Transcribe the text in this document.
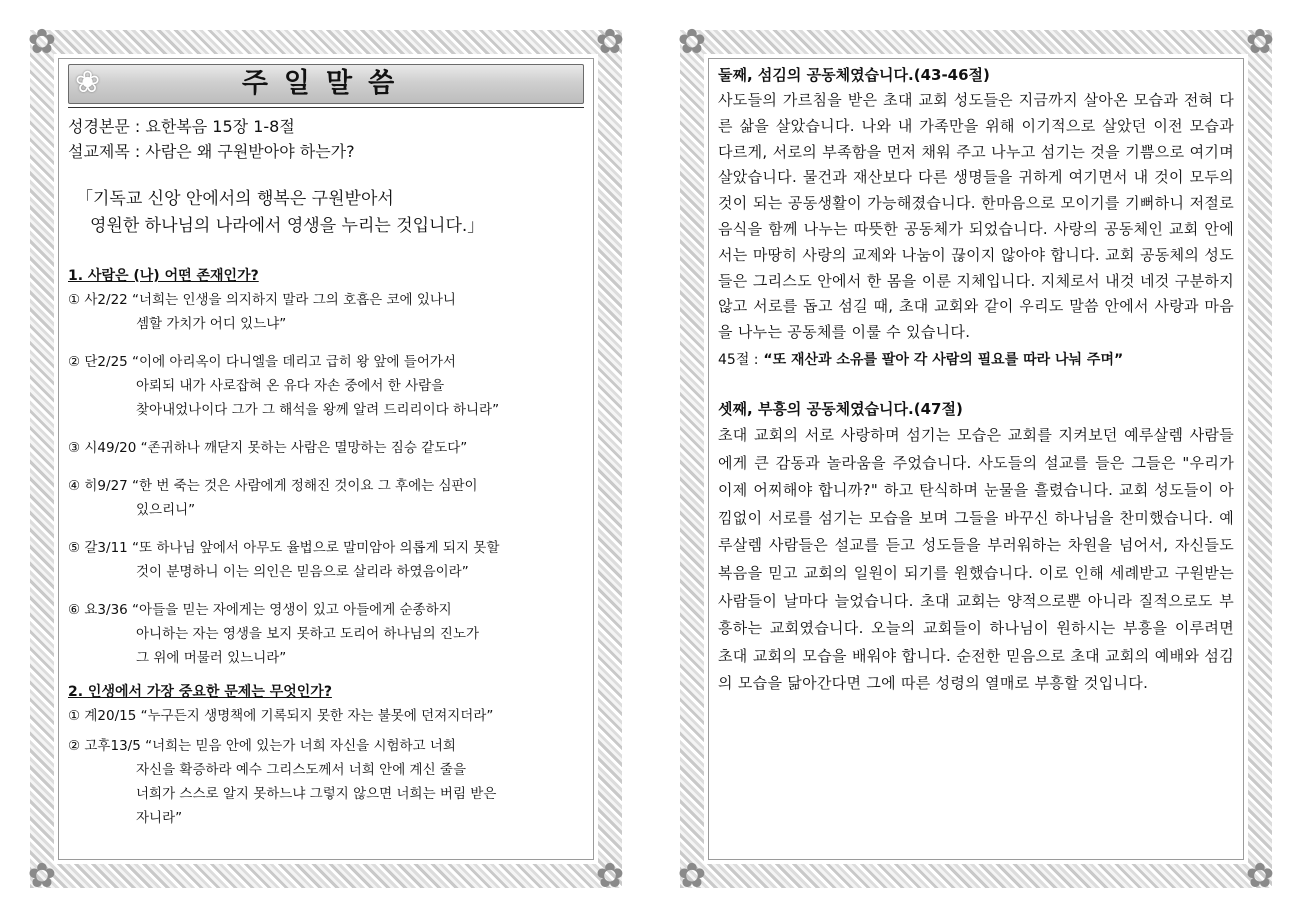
✿	✿
✿	✿
❀	주일말씀

성경본문 : 요한복음 15장 1-8절

설교제목 : 사람은 왜 구원받아야 하는가?

「기독교 신앙 안에서의 행복은 구원받아서
영원한 하나님의 나라에서 영생을 누리는 것입니다.」
1. 사람은 (나) 어떤 존재인가?
① 사2/22 “너희는 인생을 의지하지 말라 그의 호흡은 코에 있나니
셈할 가치가 어디 있느냐”
② 단2/25 “이에 아리옥이 다니엘을 데리고 급히 왕 앞에 들어가서
아뢰되 내가 사로잡혀 온 유다 자손 중에서 한 사람을
찾아내었나이다 그가 그 해석을 왕께 알려 드리리이다 하니라”
③ 시49/20 “존귀하나 깨닫지 못하는 사람은 멸망하는 짐승 같도다”
④ 히9/27 “한 번 죽는 것은 사람에게 정해진 것이요 그 후에는 심판이
있으리니”
⑤ 갈3/11 “또 하나님 앞에서 아무도 율법으로 말미암아 의롭게 되지 못할
것이 분명하니 이는 의인은 믿음으로 살리라 하였음이라”
⑥ 요3/36 “아들을 믿는 자에게는 영생이 있고 아들에게 순종하지
아니하는 자는 영생을 보지 못하고 도리어 하나님의 진노가
그 위에 머물러 있느니라”
2. 인생에서 가장 중요한 문제는 무엇인가?
① 계20/15 “누구든지 생명책에 기록되지 못한 자는 불못에 던져지더라”
② 고후13/5 “너희는 믿음 안에 있는가 너희 자신을 시험하고 너희
자신을 확증하라 예수 그리스도께서 너희 안에 계신 줄을
너희가 스스로 알지 못하느냐 그렇지 않으면 너희는 버림 받은
자니라”
✿	✿
✿	✿

둘째, 섬김의 공동체였습니다.(43-46절)

사도들의 가르침을 받은 초대 교회 성도들은 지금까지 살아온 모습과 전혀 다른 삶을 살았습니다. 나와 내 가족만을 위해 이기적으로 살았던 이전 모습과 다르게, 서로의 부족함을 먼저 채워 주고 나누고 섬기는 것을 기쁨으로 여기며 살았습니다. 물건과 재산보다 다른 생명들을 귀하게 여기면서 내 것이 모두의 것이 되는 공동생활이 가능해졌습니다. 한마음으로 모이기를 기뻐하니 저절로 음식을 함께 나누는 따뜻한 공동체가 되었습니다. 사랑의 공동체인 교회 안에서는 마땅히 사랑의 교제와 나눔이 끊이지 않아야 합니다. 교회 공동체의 성도들은 그리스도 안에서 한 몸을 이룬 지체입니다. 지체로서 내것 네것 구분하지 않고 서로를 돕고 섬길 때, 초대 교회와 같이 우리도 말씀 안에서 사랑과 마음을 나누는 공동체를 이룰 수 있습니다.

45절 : “또 재산과 소유를 팔아 각 사람의 필요를 따라 나눠 주며”

셋째, 부흥의 공동체였습니다.(47절)

초대 교회의 서로 사랑하며 섬기는 모습은 교회를 지켜보던 예루살렘 사람들에게 큰 감동과 놀라움을 주었습니다. 사도들의 설교를 들은 그들은 "우리가 이제 어찌해야 합니까?" 하고 탄식하며 눈물을 흘렸습니다. 교회 성도들이 아낌없이 서로를 섬기는 모습을 보며 그들을 바꾸신 하나님을 찬미했습니다. 예루살렘 사람들은 설교를 듣고 성도들을 부러워하는 차원을 넘어서, 자신들도 복음을 믿고 교회의 일원이 되기를 원했습니다. 이로 인해 세례받고 구원받는 사람들이 날마다 늘었습니다. 초대 교회는 양적으로뿐 아니라 질적으로도 부흥하는 교회였습니다. 오늘의 교회들이 하나님이 원하시는 부흥을 이루려면 초대 교회의 모습을 배워야 합니다. 순전한 믿음으로 초대 교회의 예배와 섬김의 모습을 닮아간다면 그에 따른 성령의 열매로 부흥할 것입니다.
